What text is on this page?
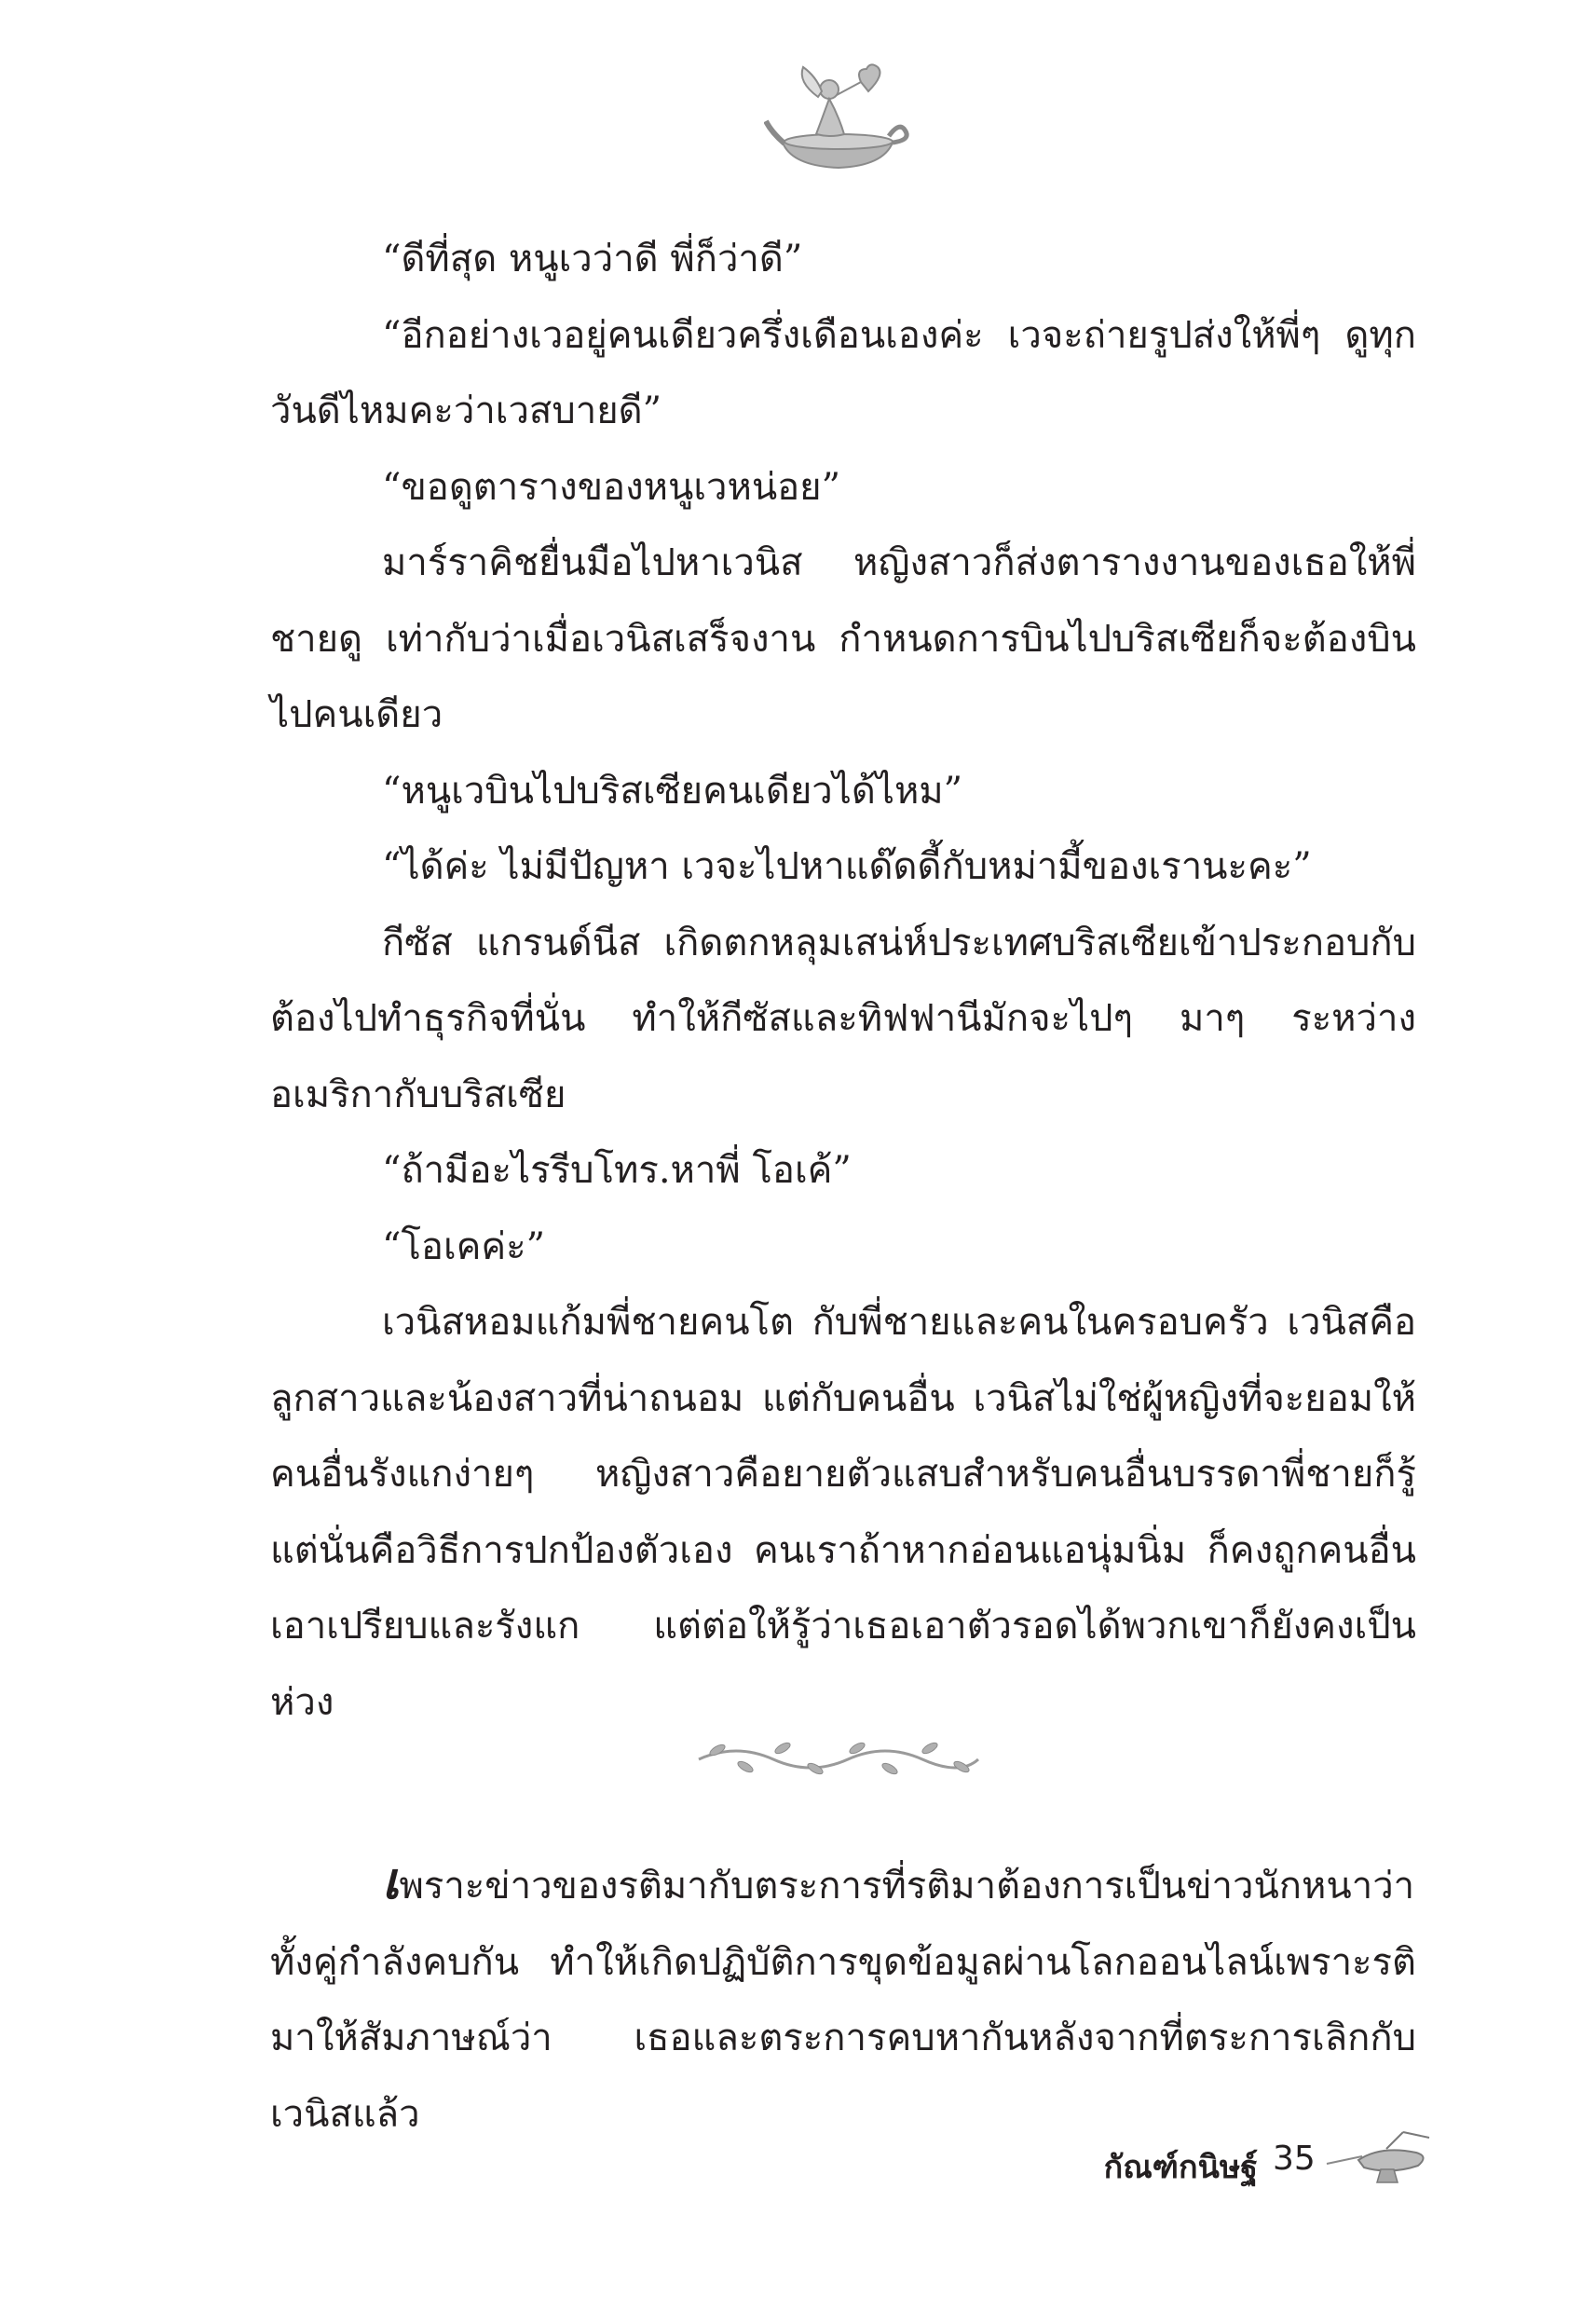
“ดีที่สุด หนูเวว่าดี พี่ก็ว่าดี”

“อีกอย่างเวอยู่คนเดียวครึ่งเดือนเองค่ะ เวจะถ่ายรูปส่งให้พี่ๆ ดูทุกวันดีไหมคะว่าเวสบายดี”

“ขอดูตารางของหนูเวหน่อย”

มาร์ราคิชยื่นมือไปหาเวนิส หญิงสาวก็ส่งตารางงานของเธอให้พี่ชายดู เท่ากับว่าเมื่อเวนิสเสร็จงาน กำหนดการบินไปบริสเซียก็จะต้องบินไปคนเดียว

“หนูเวบินไปบริสเซียคนเดียวได้ไหม”

“ได้ค่ะ ไม่มีปัญหา เวจะไปหาแด๊ดดี้กับหม่ามี้ของเรานะคะ”

กีซัส แกรนด์นีส เกิดตกหลุมเสน่ห์ประเทศบริสเซียเข้าประกอบกับต้องไปทำธุรกิจที่นั่น ทำให้กีซัสและทิฟฟานีมักจะไปๆ มาๆ ระหว่างอเมริกากับบริสเซีย

“ถ้ามีอะไรรีบโทร.หาพี่ โอเค้”

“โอเคค่ะ”

เวนิสหอมแก้มพี่ชายคนโต กับพี่ชายและคนในครอบครัว เวนิสคือลูกสาวและน้องสาวที่น่าถนอม แต่กับคนอื่น เวนิสไม่ใช่ผู้หญิงที่จะยอมให้คนอื่นรังแกง่ายๆ หญิงสาวคือยายตัวแสบสำหรับคนอื่นบรรดาพี่ชายก็รู้ แต่นั่นคือวิธีการปกป้องตัวเอง คนเราถ้าหากอ่อนแอนุ่มนิ่ม ก็คงถูกคนอื่นเอาเปรียบและรังแก แต่ต่อให้รู้ว่าเธอเอาตัวรอดได้พวกเขาก็ยังคงเป็นห่วง

เพราะข่าวของรติมากับตระการที่รติมาต้องการเป็นข่าวนักหนาว่าทั้งคู่กำลังคบกัน ทำให้เกิดปฏิบัติการขุดข้อมูลผ่านโลกออนไลน์เพราะรติมาให้สัมภาษณ์ว่า เธอและตระการคบหากันหลังจากที่ตระการเลิกกับเวนิสแล้ว

กัณฑ์กนิษฐ์ 35
